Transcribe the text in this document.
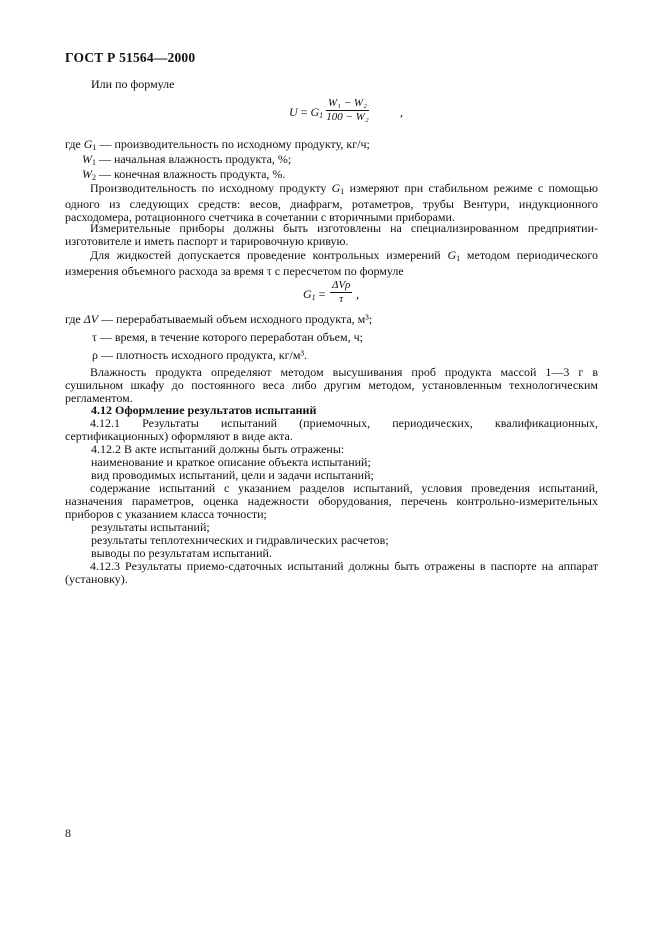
ГОСТ Р 51564—2000
Или по формуле
$U = G_1 \frac{\text{W₁ − W₂}}{\text{100 − W₂}}$	,
где $G_1$ — производительность по исходному продукту, кг/ч;
$W_1$ — начальная влажность продукта, %;
$W_2$ — конечная влажность продукта, %.
Производительность по исходному продукту $G_1$ измеряют при стабильном режиме с помощью одного из следующих средств: весов, диафрагм, ротаметров, трубы Вентури, индукционного расходомера, ротационного счетчика в сочетании с вторичными приборами.
Измерительные приборы должны быть изготовлены на специализированном предприятии-изготовителе и иметь паспорт и тарировочную кривую.
Для жидкостей допускается проведение контрольных измерений $G_1$ методом периодического измерения объемного расхода за время τ с пересчетом по формуле
$G_1$ =
ΔVρ
τ	,
где ΔV — перерабатываемый объем исходного продукта, м³;
τ — время, в течение которого переработан объем, ч;
ρ — плотность исходного продукта, кг/м³.
Влажность продукта определяют методом высушивания проб продукта массой 1—3 г в сушильном шкафу до постоянного веса либо другим методом, установленным технологическим регламентом.
4.12 Оформление результатов испытаний
4.12.1 Результаты испытаний (приемочных, периодических, квалификационных, сертификационных) оформляют в виде акта.
4.12.2 В акте испытаний должны быть отражены:
наименование и краткое описание объекта испытаний;
вид проводимых испытаний, цели и задачи испытаний;
содержание испытаний с указанием разделов испытаний, условия проведения испытаний, назначения параметров, оценка надежности оборудования, перечень контрольно-измерительных приборов с указанием класса точности;
результаты испытаний;
результаты теплотехнических и гидравлических расчетов;
выводы по результатам испытаний.
4.12.3 Результаты приемо-сдаточных испытаний должны быть отражены в паспорте на аппарат (установку).
8
